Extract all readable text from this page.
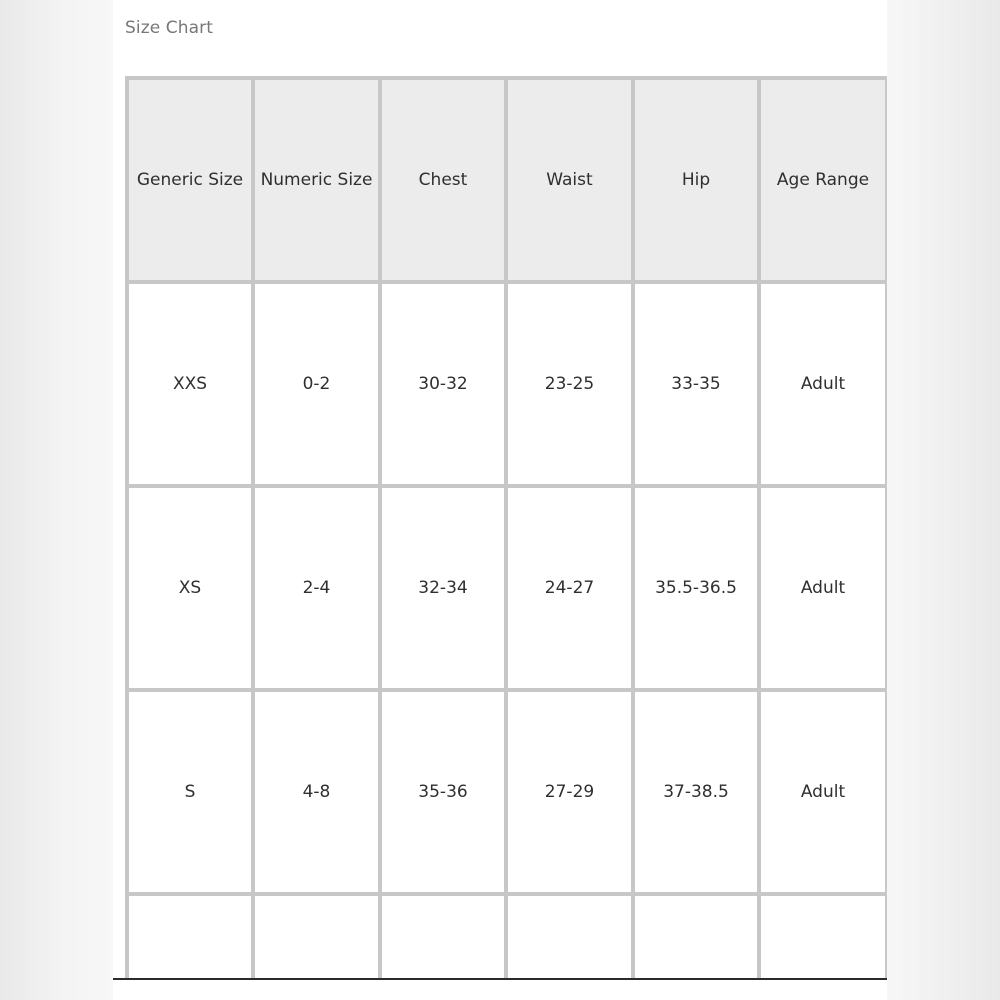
Size Chart
Generic Size	Numeric Size	Chest	Waist	Hip	Age Range
XXS	0-2	30-32	23-25	33-35	Adult
XS	2-4	32-34	24-27	35.5-36.5	Adult
S	4-8	35-36	27-29	37-38.5	Adult
